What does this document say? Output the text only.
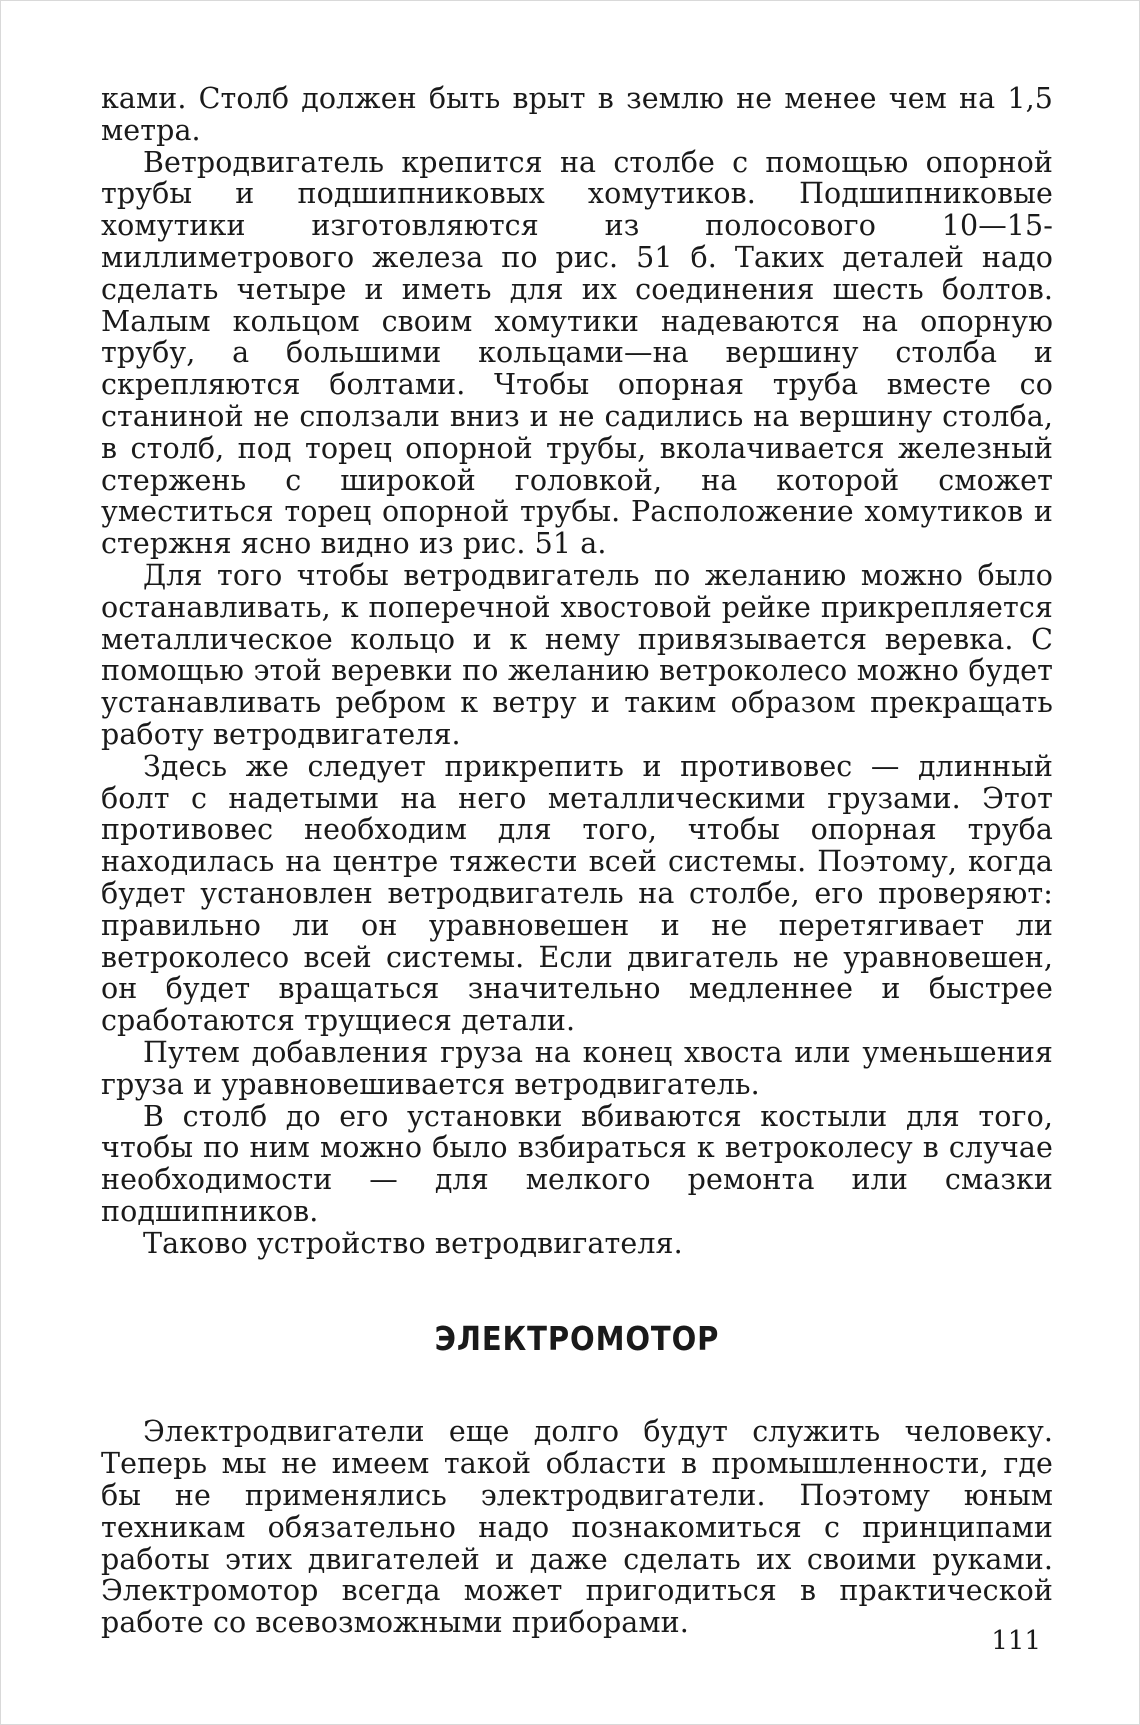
ками. Столб должен быть врыт в землю не менее чем на 1,5 метра.

Ветродвигатель крепится на столбе с помощью опорной трубы и подшипниковых хомутиков. Подшипниковые хомутики изготовляются из полосового 10—15-миллиметрового железа по рис. 51 б. Таких деталей надо сделать четыре и иметь для их соединения шесть болтов. Малым кольцом своим хомутики надеваются на опорную трубу, а большими кольцами—на вершину столба и скрепляются болтами. Чтобы опорная труба вместе со станиной не сползали вниз и не садились на вершину столба, в столб, под торец опорной трубы, вколачивается железный стержень с широкой головкой, на которой сможет уместиться торец опорной трубы. Расположение хомутиков и стержня ясно видно из рис. 51 а.

Для того чтобы ветродвигатель по желанию можно было останавливать, к поперечной хвостовой рейке прикрепляется металлическое кольцо и к нему привязывается веревка. С помощью этой веревки по желанию ветроколесо можно будет устанавливать ребром к ветру и таким образом прекращать работу ветродвигателя.

Здесь же следует прикрепить и противовес — длинный болт с надетыми на него металлическими грузами. Этот противовес необходим для того, чтобы опорная труба находилась на центре тяжести всей системы. Поэтому, когда будет установлен ветродвигатель на столбе, его проверяют: правильно ли он уравновешен и не перетягивает ли ветроколесо всей системы. Если двигатель не уравновешен, он будет вращаться значительно медленнее и быстрее сработаются трущиеся детали.

Путем добавления груза на конец хвоста или уменьшения груза и уравновешивается ветродвигатель.

В столб до его установки вбиваются костыли для того, чтобы по ним можно было взбираться к ветроколесу в случае необходимости — для мелкого ремонта или смазки подшипников.

Таково устройство ветродвигателя.

ЭЛЕКТРОМОТОР

Электродвигатели еще долго будут служить человеку. Теперь мы не имеем такой области в промышленности, где бы не применялись электродвигатели. Поэтому юным техникам обязательно надо познакомиться с принципами работы этих двигателей и даже сделать их своими руками. Электромотор всегда может пригодиться в практической работе со всевозможными приборами.

111
